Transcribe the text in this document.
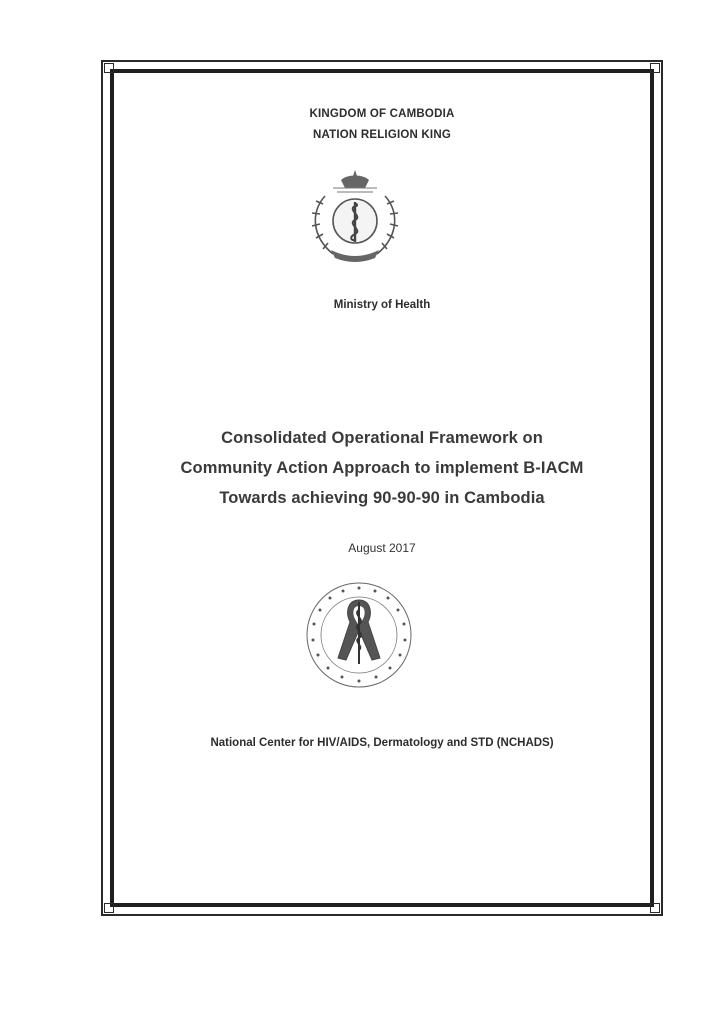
KINGDOM OF CAMBODIA

NATION RELIGION KING

Ministry of Health

Consolidated Operational Framework on

Community Action Approach to implement B-IACM

Towards achieving 90-90-90 in Cambodia

August 2017

National Center for HIV/AIDS, Dermatology and STD (NCHADS)
